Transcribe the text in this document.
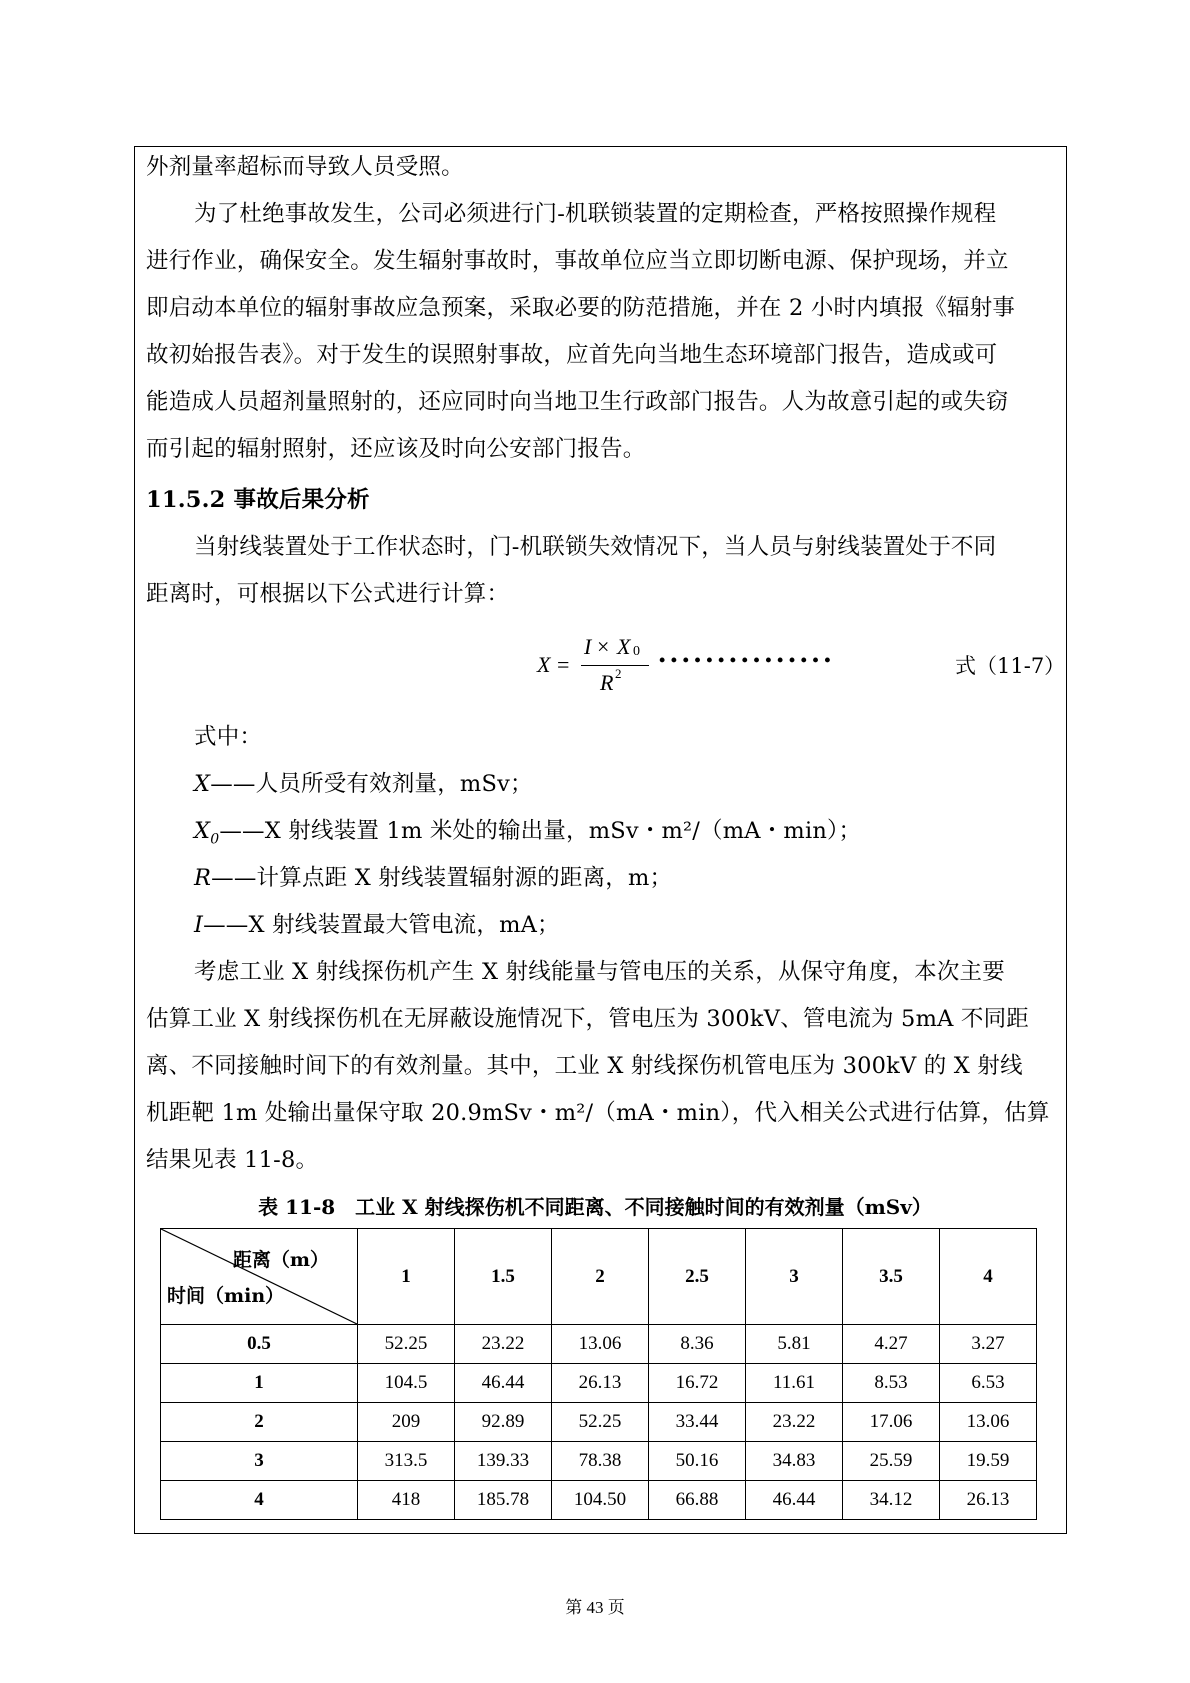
外剂量率超标而导致人员受照。
为了杜绝事故发生，公司必须进行门-机联锁装置的定期检查，严格按照操作规程
进行作业，确保安全。发生辐射事故时，事故单位应当立即切断电源、保护现场，并立
即启动本单位的辐射事故应急预案，采取必要的防范措施，并在 2 小时内填报《辐射事
故初始报告表》。对于发生的误照射事故，应首先向当地生态环境部门报告，造成或可
能造成人员超剂量照射的，还应同时向当地卫生行政部门报告。人为故意引起的或失窃
而引起的辐射照射，还应该及时向公安部门报告。
11.5.2 事故后果分析
当射线装置处于工作状态时，门-机联锁失效情况下，当人员与射线装置处于不同
距离时，可根据以下公式进行计算：
X =
I × X 0
R 2
• • • • • • • • • • • • • • •	式（11-7）
式中：
X——人员所受有效剂量，mSv；
$X_0——X$ 射线装置 1m 米处的输出量，mSv・m²/（mA・min）；
R——计算点距 X 射线装置辐射源的距离，m；
I——X 射线装置最大管电流，mA；
考虑工业 X 射线探伤机产生 X 射线能量与管电压的关系，从保守角度，本次主要
估算工业 X 射线探伤机在无屏蔽设施情况下，管电压为 300kV、管电流为 5mA 不同距
离、不同接触时间下的有效剂量。其中，工业 X 射线探伤机管电压为 300kV 的 X 射线
机距靶 1m 处输出量保守取 20.9mSv・m²/（mA・min），代入相关公式进行估算，估算
结果见表 11-8。
表 11-8　工业 X 射线探伤机不同距离、不同接触时间的有效剂量（mSv）
距离（m）
时间（min）	1	1.5	2	2.5	3	3.5	4
0.5	52.25	23.22	13.06	8.36	5.81	4.27	3.27
1	104.5	46.44	26.13	16.72	11.61	8.53	6.53
2	209	92.89	52.25	33.44	23.22	17.06	13.06
3	313.5	139.33	78.38	50.16	34.83	25.59	19.59
4	418	185.78	104.50	66.88	46.44	34.12	26.13
第 43 页
